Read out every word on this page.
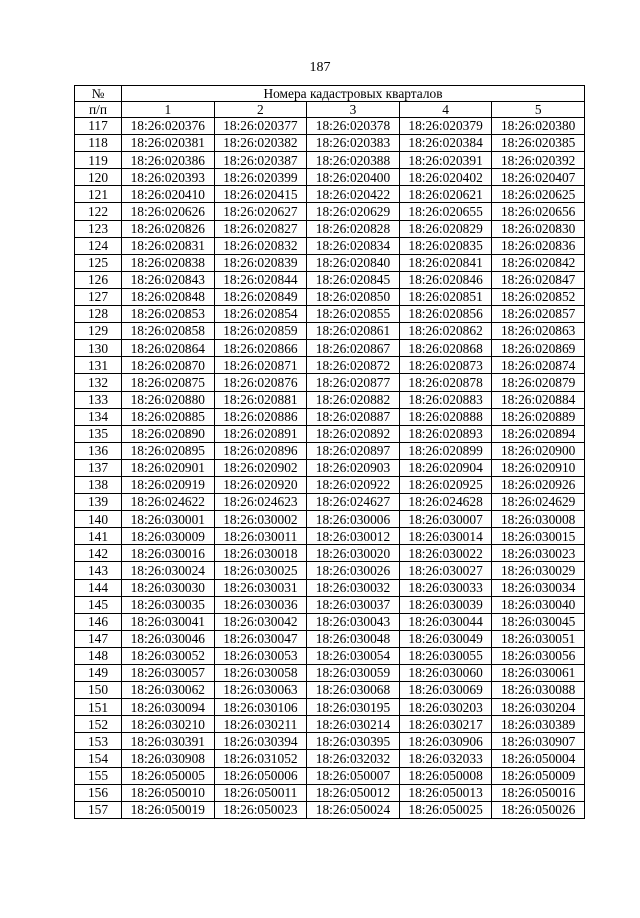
187
№	Номера кадастровых кварталов				
п/п	1	2	3	4	5
117	18:26:020376	18:26:020377	18:26:020378	18:26:020379	18:26:020380
118	18:26:020381	18:26:020382	18:26:020383	18:26:020384	18:26:020385
119	18:26:020386	18:26:020387	18:26:020388	18:26:020391	18:26:020392
120	18:26:020393	18:26:020399	18:26:020400	18:26:020402	18:26:020407
121	18:26:020410	18:26:020415	18:26:020422	18:26:020621	18:26:020625
122	18:26:020626	18:26:020627	18:26:020629	18:26:020655	18:26:020656
123	18:26:020826	18:26:020827	18:26:020828	18:26:020829	18:26:020830
124	18:26:020831	18:26:020832	18:26:020834	18:26:020835	18:26:020836
125	18:26:020838	18:26:020839	18:26:020840	18:26:020841	18:26:020842
126	18:26:020843	18:26:020844	18:26:020845	18:26:020846	18:26:020847
127	18:26:020848	18:26:020849	18:26:020850	18:26:020851	18:26:020852
128	18:26:020853	18:26:020854	18:26:020855	18:26:020856	18:26:020857
129	18:26:020858	18:26:020859	18:26:020861	18:26:020862	18:26:020863
130	18:26:020864	18:26:020866	18:26:020867	18:26:020868	18:26:020869
131	18:26:020870	18:26:020871	18:26:020872	18:26:020873	18:26:020874
132	18:26:020875	18:26:020876	18:26:020877	18:26:020878	18:26:020879
133	18:26:020880	18:26:020881	18:26:020882	18:26:020883	18:26:020884
134	18:26:020885	18:26:020886	18:26:020887	18:26:020888	18:26:020889
135	18:26:020890	18:26:020891	18:26:020892	18:26:020893	18:26:020894
136	18:26:020895	18:26:020896	18:26:020897	18:26:020899	18:26:020900
137	18:26:020901	18:26:020902	18:26:020903	18:26:020904	18:26:020910
138	18:26:020919	18:26:020920	18:26:020922	18:26:020925	18:26:020926
139	18:26:024622	18:26:024623	18:26:024627	18:26:024628	18:26:024629
140	18:26:030001	18:26:030002	18:26:030006	18:26:030007	18:26:030008
141	18:26:030009	18:26:030011	18:26:030012	18:26:030014	18:26:030015
142	18:26:030016	18:26:030018	18:26:030020	18:26:030022	18:26:030023
143	18:26:030024	18:26:030025	18:26:030026	18:26:030027	18:26:030029
144	18:26:030030	18:26:030031	18:26:030032	18:26:030033	18:26:030034
145	18:26:030035	18:26:030036	18:26:030037	18:26:030039	18:26:030040
146	18:26:030041	18:26:030042	18:26:030043	18:26:030044	18:26:030045
147	18:26:030046	18:26:030047	18:26:030048	18:26:030049	18:26:030051
148	18:26:030052	18:26:030053	18:26:030054	18:26:030055	18:26:030056
149	18:26:030057	18:26:030058	18:26:030059	18:26:030060	18:26:030061
150	18:26:030062	18:26:030063	18:26:030068	18:26:030069	18:26:030088
151	18:26:030094	18:26:030106	18:26:030195	18:26:030203	18:26:030204
152	18:26:030210	18:26:030211	18:26:030214	18:26:030217	18:26:030389
153	18:26:030391	18:26:030394	18:26:030395	18:26:030906	18:26:030907
154	18:26:030908	18:26:031052	18:26:032032	18:26:032033	18:26:050004
155	18:26:050005	18:26:050006	18:26:050007	18:26:050008	18:26:050009
156	18:26:050010	18:26:050011	18:26:050012	18:26:050013	18:26:050016
157	18:26:050019	18:26:050023	18:26:050024	18:26:050025	18:26:050026
